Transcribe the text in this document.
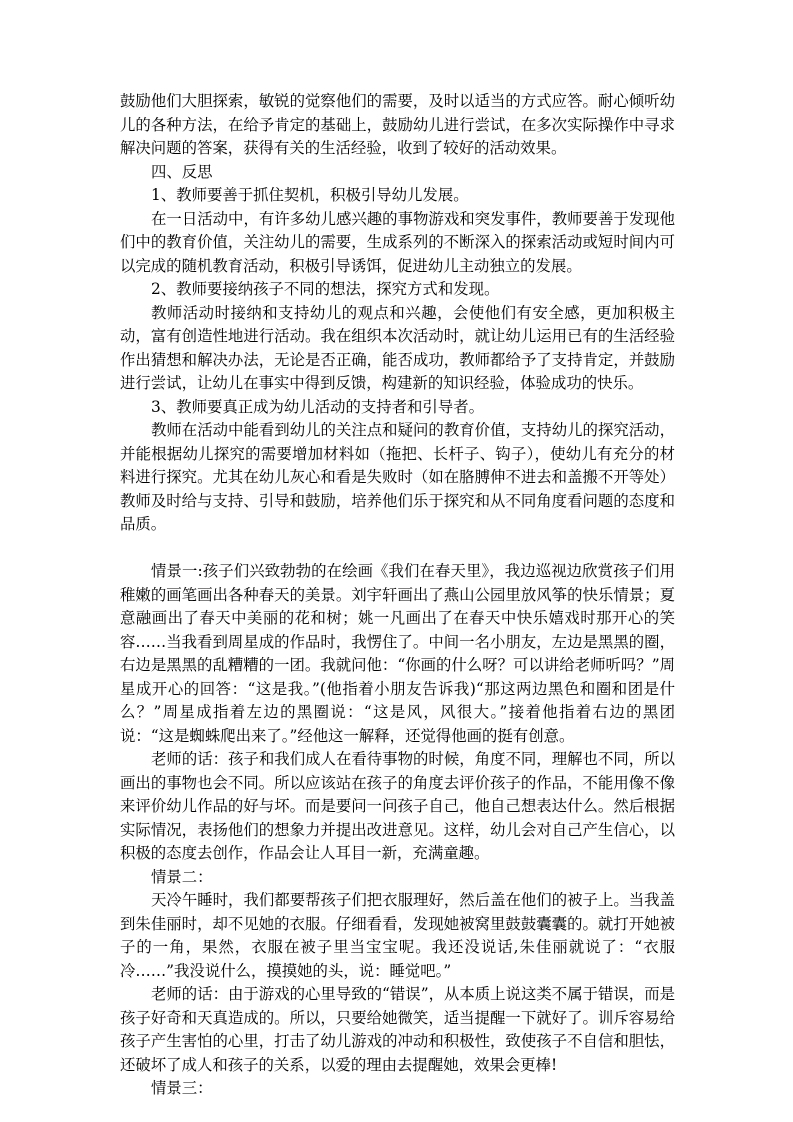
鼓励他们大胆探索，敏锐的觉察他们的需要，及时以适当的方式应答。耐心倾听幼儿的各种方法，在给予肯定的基础上，鼓励幼儿进行尝试，在多次实际操作中寻求解决问题的答案，获得有关的生活经验，收到了较好的活动效果。

四、反思

1、教师要善于抓住契机，积极引导幼儿发展。

在一日活动中，有许多幼儿感兴趣的事物游戏和突发事件，教师要善于发现他们中的教育价值，关注幼儿的需要，生成系列的不断深入的探索活动或短时间内可以完成的随机教育活动，积极引导诱饵，促进幼儿主动独立的发展。

2、教师要接纳孩子不同的想法，探究方式和发现。

教师活动时接纳和支持幼儿的观点和兴趣，会使他们有安全感，更加积极主动，富有创造性地进行活动。我在组织本次活动时，就让幼儿运用已有的生活经验作出猜想和解决办法，无论是否正确，能否成功，教师都给予了支持肯定，并鼓励进行尝试，让幼儿在事实中得到反馈，构建新的知识经验，体验成功的快乐。

3、教师要真正成为幼儿活动的支持者和引导者。

教师在活动中能看到幼儿的关注点和疑问的教育价值，支持幼儿的探究活动，并能根据幼儿探究的需要增加材料如（拖把、长杆子、钩子），使幼儿有充分的材料进行探究。尤其在幼儿灰心和看是失败时（如在胳膊伸不进去和盖搬不开等处）教师及时给与支持、引导和鼓励，培养他们乐于探究和从不同角度看问题的态度和品质。

情景一:孩子们兴致勃勃的在绘画《我们在春天里》，我边巡视边欣赏孩子们用稚嫩的画笔画出各种春天的美景。刘宇轩画出了燕山公园里放风筝的快乐情景；夏意融画出了春天中美丽的花和树；姚一凡画出了在春天中快乐嬉戏时那开心的笑容……当我看到周星成的作品时，我愣住了。中间一名小朋友，左边是黑黑的圈，右边是黑黑的乱糟糟的一团。我就问他：“你画的什么呀？可以讲给老师听吗？”周星成开心的回答：“这是我。”(他指着小朋友告诉我)“那这两边黑色和圈和团是什么？”周星成指着左边的黑圈说：“这是风，风很大。”接着他指着右边的黑团说：“这是蜘蛛爬出来了。”经他这一解释，还觉得他画的挺有创意。

老师的话：孩子和我们成人在看待事物的时候，角度不同，理解也不同，所以画出的事物也会不同。所以应该站在孩子的角度去评价孩子的作品，不能用像不像来评价幼儿作品的好与坏。而是要问一问孩子自己，他自己想表达什么。然后根据实际情况，表扬他们的想象力并提出改进意见。这样，幼儿会对自己产生信心，以积极的态度去创作，作品会让人耳目一新，充满童趣。

情景二：

天冷午睡时，我们都要帮孩子们把衣服理好，然后盖在他们的被子上。当我盖到朱佳丽时，却不见她的衣服。仔细看看，发现她被窝里鼓鼓囊囊的。就打开她被子的一角，果然，衣服在被子里当宝宝呢。我还没说话,朱佳丽就说了：“衣服冷……”我没说什么，摸摸她的头，说：睡觉吧。”

老师的话：由于游戏的心里导致的“错误”，从本质上说这类不属于错误，而是孩子好奇和天真造成的。所以，只要给她微笑，适当提醒一下就好了。训斥容易给孩子产生害怕的心里，打击了幼儿游戏的冲动和积极性，致使孩子不自信和胆怯，还破坏了成人和孩子的关系，以爱的理由去提醒她，效果会更棒!

情景三：
